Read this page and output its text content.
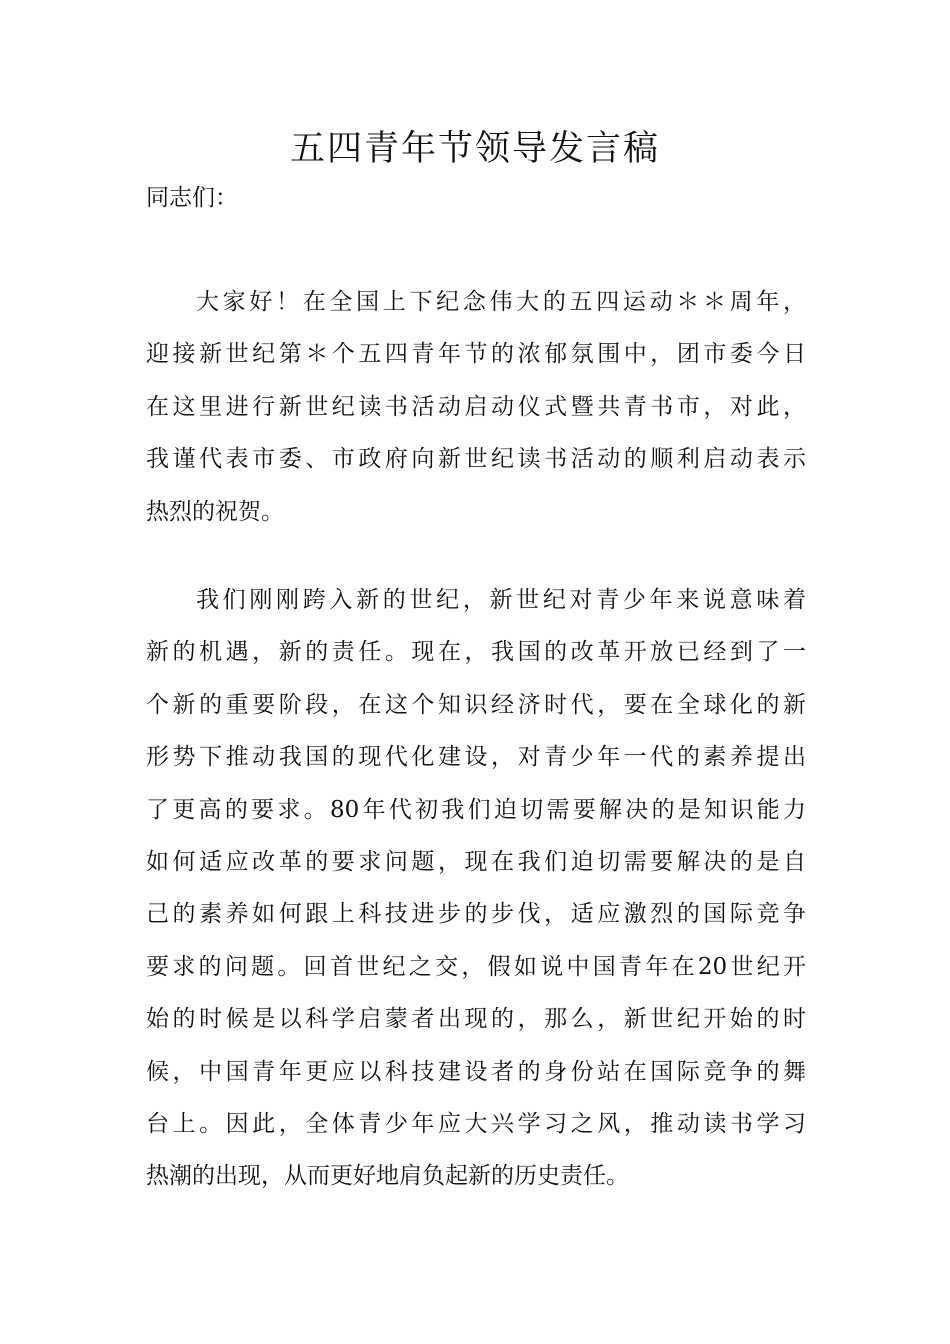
五四青年节领导发言稿

同志们：

大家好！在全国上下纪念伟大的五四运动＊＊周年，
迎接新世纪第＊个五四青年节的浓郁氛围中，团市委今日
在这里进行新世纪读书活动启动仪式暨共青书市，对此，
我谨代表市委、市政府向新世纪读书活动的顺利启动表示
热烈的祝贺。
我们刚刚跨入新的世纪，新世纪对青少年来说意味着
新的机遇，新的责任。现在，我国的改革开放已经到了一
个新的重要阶段，在这个知识经济时代，要在全球化的新
形势下推动我国的现代化建设，对青少年一代的素养提出
了更高的要求。80年代初我们迫切需要解决的是知识能力
如何适应改革的要求问题，现在我们迫切需要解决的是自
己的素养如何跟上科技进步的步伐，适应激烈的国际竞争
要求的问题。回首世纪之交，假如说中国青年在20世纪开
始的时候是以科学启蒙者出现的，那么，新世纪开始的时
候，中国青年更应以科技建设者的身份站在国际竞争的舞
台上。因此，全体青少年应大兴学习之风，推动读书学习
热潮的出现，从而更好地肩负起新的历史责任。
